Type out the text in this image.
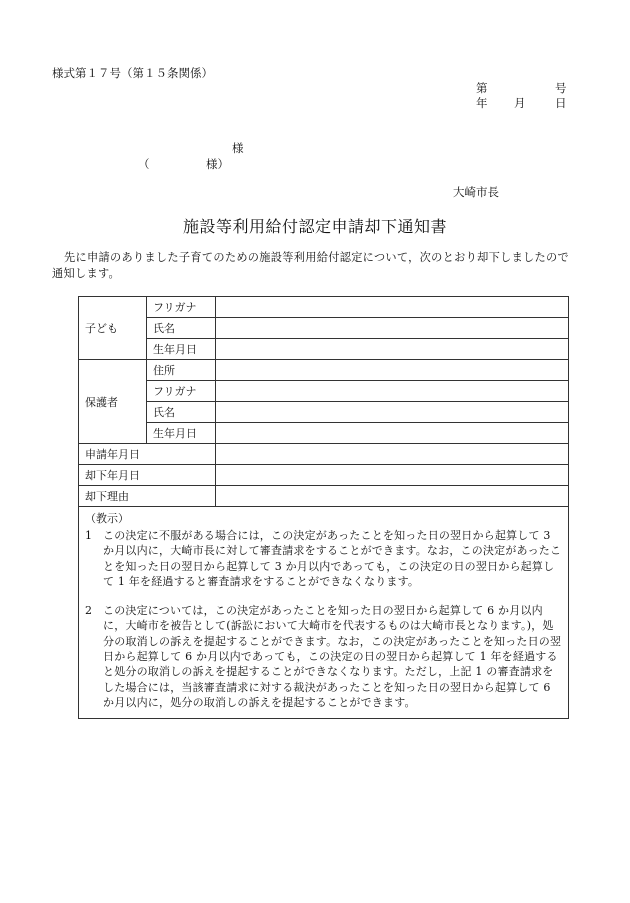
様式第１７号（第１５条関係）
第	号
年 月	日
様
（	様）
大崎市長
施設等利用給付認定申請却下通知書
先に申請のありました子育てのための施設等利用給付認定について，次のとおり却下しましたので通知します。
子ども	フリガナ	
	氏名	
	生年月日	
保護者	住所	
	フリガナ	
	氏名	
	生年月日	
申請年月日		
却下年月日		
却下理由		

（教示）
1 この決定に不服がある場合には，この決定があったことを知った日の翌日から起算して 3 か月以内に，大崎市長に対して審査請求をすることができます。なお，この決定があったことを知った日の翌日から起算して 3 か月以内であっても，この決定の日の翌日から起算して 1 年を経過すると審査請求をすることができなくなります。
2 この決定については，この決定があったことを知った日の翌日から起算して 6 か月以内に，大崎市を被告として(訴訟において大崎市を代表するものは大崎市長となります。)，処分の取消しの訴えを提起することができます。なお，この決定があったことを知った日の翌日から起算して 6 か月以内であっても，この決定の日の翌日から起算して 1 年を経過すると処分の取消しの訴えを提起することができなくなります。ただし，上記 1 の審査請求をした場合には，当該審査請求に対する裁決があったことを知った日の翌日から起算して 6 か月以内に，処分の取消しの訴えを提起することができます。		
